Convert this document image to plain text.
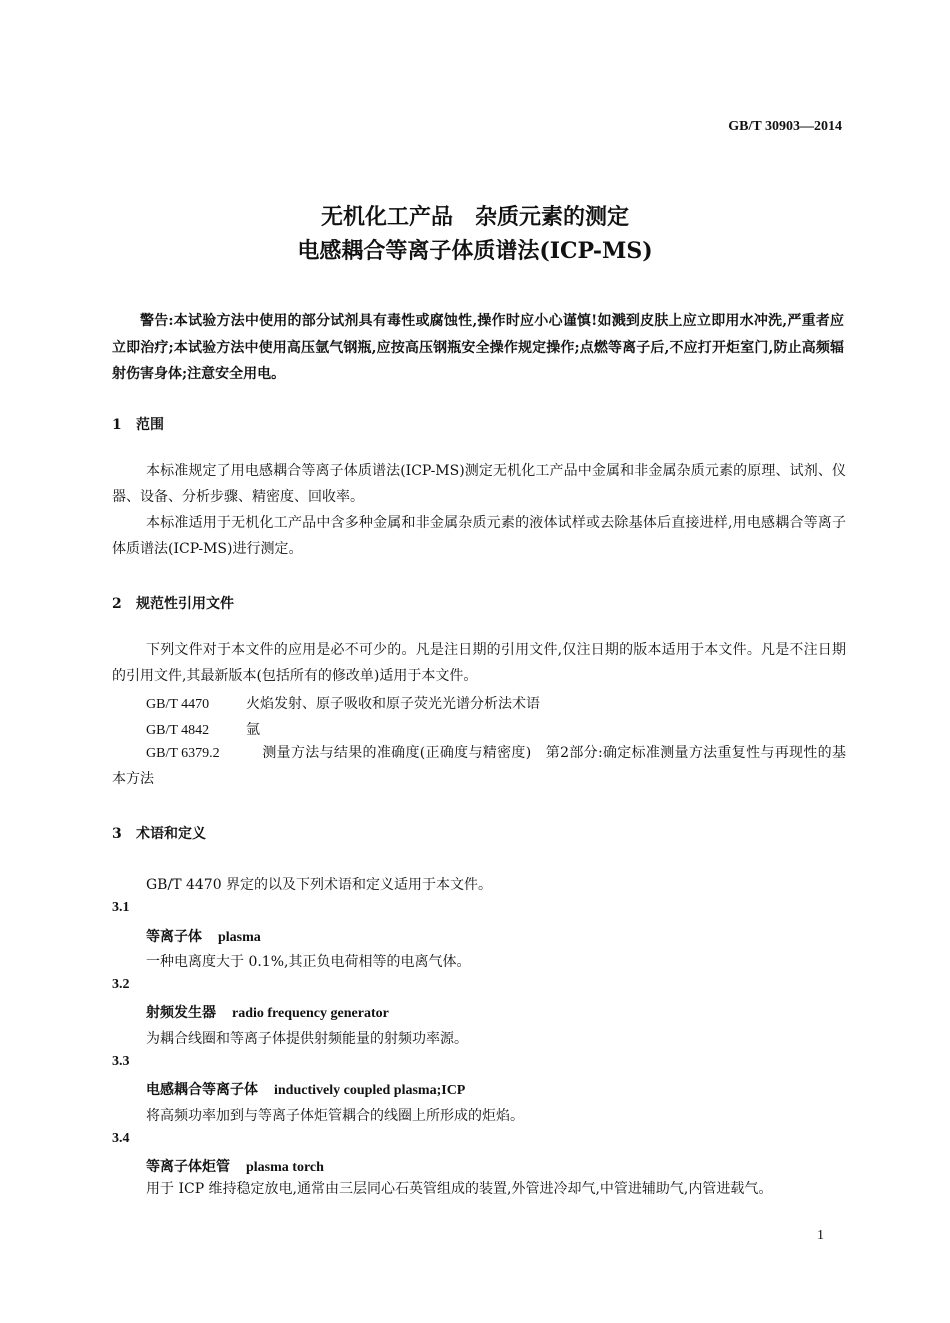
GB/T 30903—2014
无机化工产品　杂质元素的测定
电感耦合等离子体质谱法(ICP-MS)
警告:本试验方法中使用的部分试剂具有毒性或腐蚀性,操作时应小心谨慎!如溅到皮肤上应立即用水冲洗,严重者应立即治疗;本试验方法中使用高压氩气钢瓶,应按高压钢瓶安全操作规定操作;点燃等离子后,不应打开炬室门,防止高频辐射伤害身体;注意安全用电。
1 范围
本标准规定了用电感耦合等离子体质谱法(ICP-MS)测定无机化工产品中金属和非金属杂质元素的原理、试剂、仪器、设备、分析步骤、精密度、回收率。
本标准适用于无机化工产品中含多种金属和非金属杂质元素的液体试样或去除基体后直接进样,用电感耦合等离子体质谱法(ICP-MS)进行测定。
2 规范性引用文件
下列文件对于本文件的应用是必不可少的。凡是注日期的引用文件,仅注日期的版本适用于本文件。凡是不注日期的引用文件,其最新版本(包括所有的修改单)适用于本文件。
GB/T 4470	火焰发射、原子吸收和原子荧光光谱分析法术语
GB/T 4842	氩
GB/T 6379.2	测量方法与结果的准确度(正确度与精密度)　第2部分:确定标准测量方法重复性与再现性的基本方法
3 术语和定义
GB/T 4470 界定的以及下列术语和定义适用于本文件。
3.1
等离子体 plasma
一种电离度大于 0.1%,其正负电荷相等的电离气体。
3.2
射频发生器 radio frequency generator
为耦合线圈和等离子体提供射频能量的射频功率源。
3.3
电感耦合等离子体 inductively coupled plasma;ICP
将高频功率加到与等离子体炬管耦合的线圈上所形成的炬焰。
3.4
等离子体炬管 plasma torch
用于 ICP 维持稳定放电,通常由三层同心石英管组成的装置,外管进冷却气,中管进辅助气,内管进载气。
1
